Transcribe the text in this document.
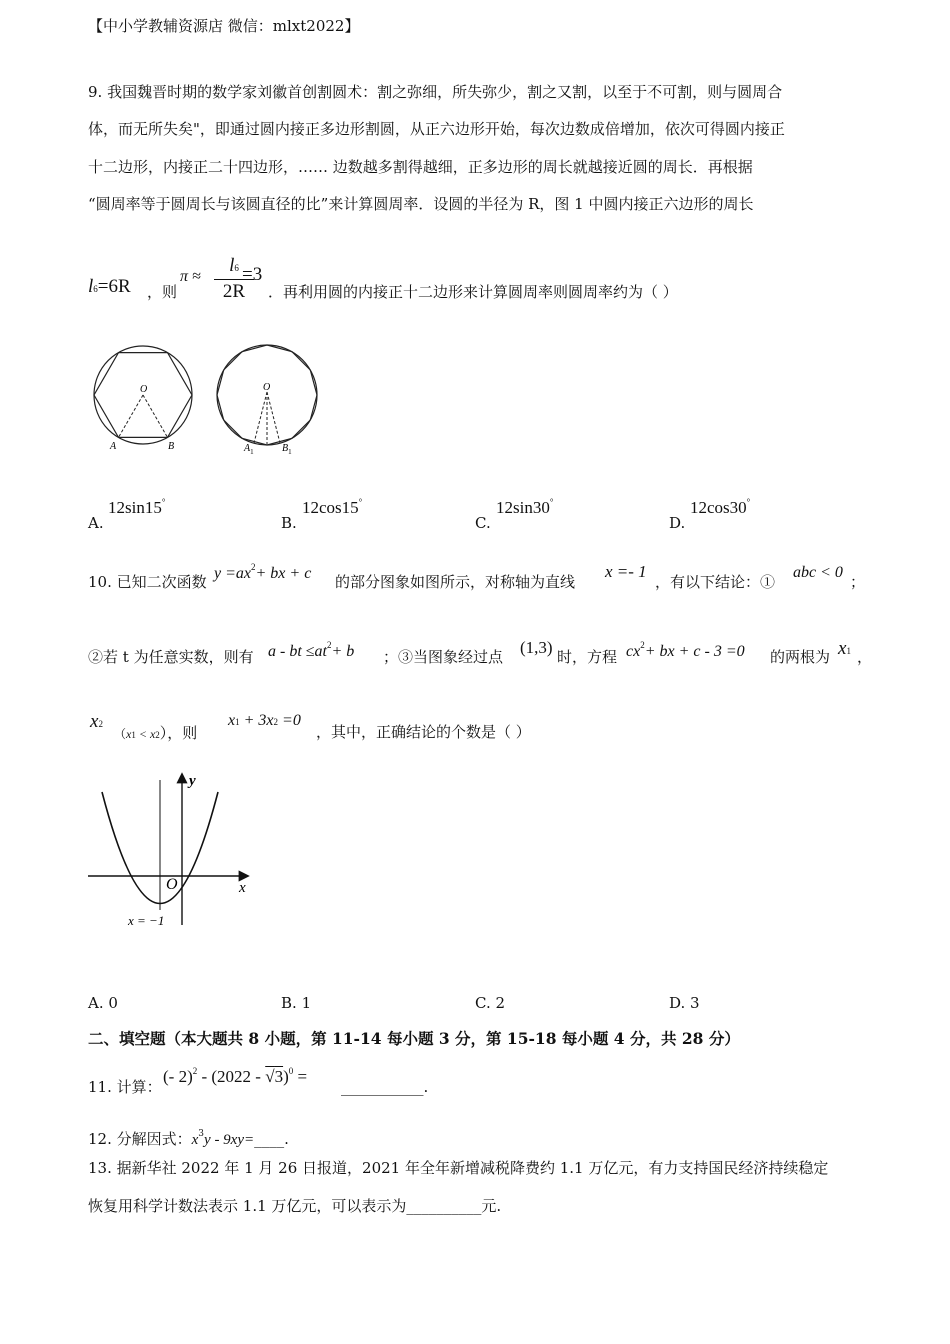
【中小学教辅资源店 微信：mlxt2022】
9. 我国魏晋时期的数学家刘徽首创割圆术：割之弥细，所失弥少，割之又割，以至于不可割，则与圆周合
体，而无所失矣"，即通过圆内接正多边形割圆，从正六边形开始，每次边数成倍增加，依次可得圆内接正
十二边形，内接正二十四边形，…… 边数越多割得越细，正多边形的周长就越接近圆的周长．再根据
“圆周率等于圆周长与该圆直径的比”来计算圆周率．设圆的半径为 R，图 1 中圆内接正六边形的周长
l6=6R ，则
π ≈
l6
2R
=3
．再利用圆的内接正十二边形来计算圆周率则圆周率约为（ ）
O
A	B
O
$A_1$	$B_1$
A.
12sin15°
B.
12cos15°
C.
12sin30°
D.
12cos30°
10. 已知二次函数 $y =ax^2+$ bx + c 的部分图象如图所示，对称轴为直线
x =- 1
，有以下结论：①
abc < 0
；
②若 t 为任意实数，则有 a - bt $\le at^2+ b$ ；③当图象经过点 (1,3) 时，方程 $cx^2+$ bx + c - 3 =0 的两根为 x1 ，
x2
（x1 < x2），则
x1 + 3x2 =0
，其中，正确结论的个数是（ ）
y
x
O
x = −1
A. 0	B. 1	C. 2	D. 3
二、填空题（本大题共 8 小题，第 11-14 每小题 3 分，第 15-18 每小题 4 分，共 28 分）
11. 计算：
(- 2)$^2$ - (2022 - √3)$^0$ =
___________.
12. 分解因式：$x^3y$ - 9xy=____.
13. 据新华社 2022 年 1 月 26 日报道，2021 年全年新增减税降费约 1.1 万亿元，有力支持国民经济持续稳定
恢复用科学计数法表示 1.1 万亿元，可以表示为__________元.
